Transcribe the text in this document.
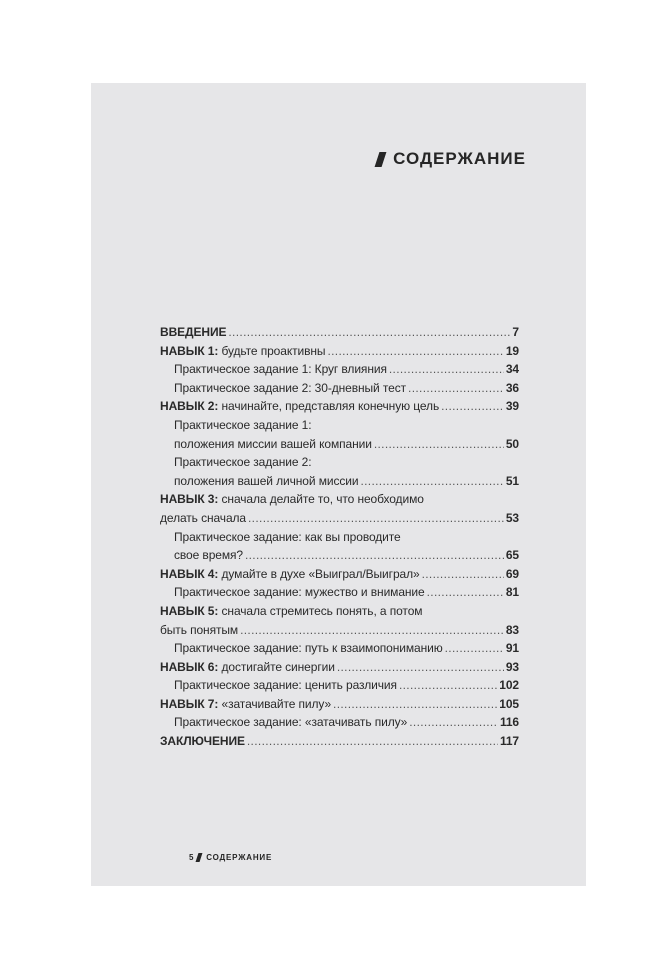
СОДЕРЖАНИЕ
ВВЕДЕНИЕ . . .	7
НАВЫК 1: будьте проактивны . . .	19
Практическое задание 1: Круг влияния . . .	34
Практическое задание 2: 30-дневный тест . . .	36
НАВЫК 2: начинайте, представляя конечную цель . . .	39
Практическое задание 1:
положения миссии вашей компании . . .	50
Практическое задание 2:
положения вашей личной миссии . . .	51
НАВЫК 3: сначала делайте то, что необходимо
делать сначала . . .	53
Практическое задание: как вы проводите
свое время? . . .	65
НАВЫК 4: думайте в духе «Выиграл/Выиграл» . . .	69
Практическое задание: мужество и внимание . . .	81
НАВЫК 5: сначала стремитесь понять, а потом
быть понятым . . .	83
Практическое задание: путь к взаимопониманию . . .	91
НАВЫК 6: достигайте синергии . . .	93
Практическое задание: ценить различия . . .	102
НАВЫК 7: «затачивайте пилу» . . .	105
Практическое задание: «затачивать пилу» . . .	116
ЗАКЛЮЧЕНИЕ . . .	117
5 СОДЕРЖАНИЕ
